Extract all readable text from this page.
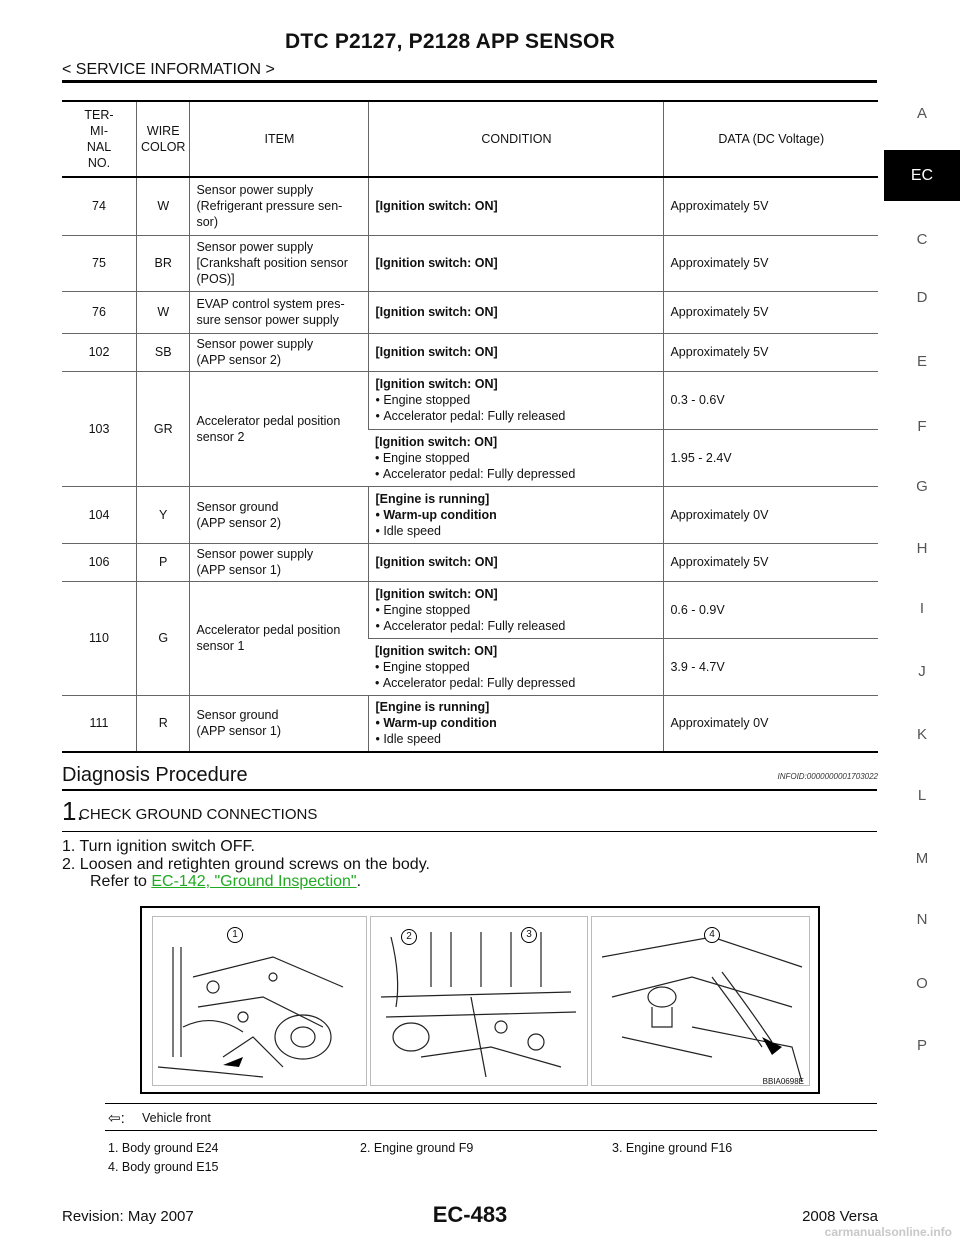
DTC P2127, P2128 APP SENSOR
< SERVICE INFORMATION >
A
EC
C
D
E
F
G
H
I
J
K
L
M
N
O
P
TER-
MI-
NAL
NO.	WIRE
COLOR	ITEM	CONDITION	DATA (DC Voltage)
74	W	Sensor power supply
(Refrigerant pressure sen-
sor)	[Ignition switch: ON]	Approximately 5V
75	BR	Sensor power supply
[Crankshaft position sensor
(POS)]	[Ignition switch: ON]	Approximately 5V
76	W	EVAP control system pres-
sure sensor power supply	[Ignition switch: ON]	Approximately 5V
102	SB	Sensor power supply
(APP sensor 2)	[Ignition switch: ON]	Approximately 5V
103	GR	Accelerator pedal position
sensor 2	[Ignition switch: ON]
• Engine stopped
• Accelerator pedal: Fully released	0.3 - 0.6V

			[Ignition switch: ON]
• Engine stopped
• Accelerator pedal: Fully depressed	1.95 - 2.4V
104	Y	Sensor ground
(APP sensor 2)	[Engine is running]
• Warm-up condition
• Idle speed	Approximately 0V
106	P	Sensor power supply
(APP sensor 1)	[Ignition switch: ON]	Approximately 5V
110	G	Accelerator pedal position
sensor 1	[Ignition switch: ON]
• Engine stopped
• Accelerator pedal: Fully released	0.6 - 0.9V

			[Ignition switch: ON]
• Engine stopped
• Accelerator pedal: Fully depressed	3.9 - 4.7V
111	R	Sensor ground
(APP sensor 1)	[Engine is running]
• Warm-up condition
• Idle speed	Approximately 0V
Diagnosis Procedure	INFOID:0000000001703022
1.
CHECK GROUND CONNECTIONS
1. Turn ignition switch OFF.
2. Loosen and retighten ground screws on the body.
Refer to EC-142, "Ground Inspection".
1	2	3	4
BBIA0698E
⇦: Vehicle front
1. Body ground E24	2. Engine ground F9	3. Engine ground F16
4. Body ground E15
Revision: May 2007	EC-483	2008 Versa
carmanualsonline.info
